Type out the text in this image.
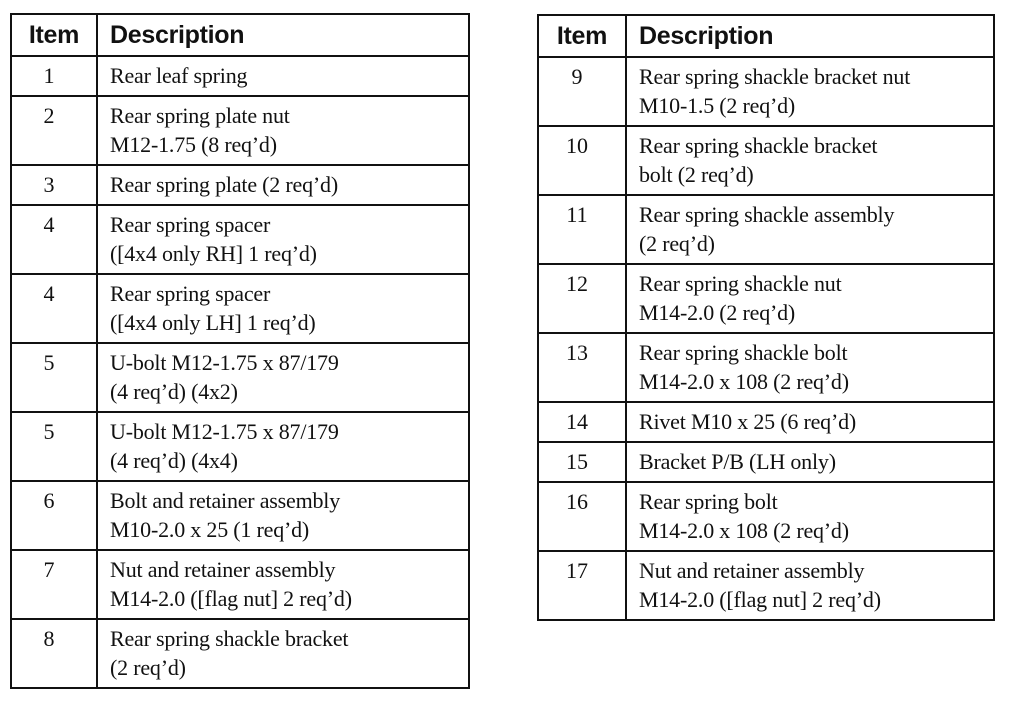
Item	Description
1	Rear leaf spring

2	Rear spring plate nut
M12-1.75 (8 req’d)

3	Rear spring plate (2 req’d)

4	Rear spring spacer
([4x4 only RH] 1 req’d)

4	Rear spring spacer
([4x4 only LH] 1 req’d)

5	U-bolt M12-1.75 x 87/179
(4 req’d) (4x2)

5	U-bolt M12-1.75 x 87/179
(4 req’d) (4x4)

6	Bolt and retainer assembly
M10-2.0 x 25 (1 req’d)

7	Nut and retainer assembly
M14-2.0 ([flag nut] 2 req’d)

8	Rear spring shackle bracket
(2 req’d)
Item	Description
9	Rear spring shackle bracket nut
M10-1.5 (2 req’d)

10	Rear spring shackle bracket
bolt (2 req’d)

11	Rear spring shackle assembly
(2 req’d)

12	Rear spring shackle nut
M14-2.0 (2 req’d)

13	Rear spring shackle bolt
M14-2.0 x 108 (2 req’d)

14	Rivet M10 x 25 (6 req’d)

15	Bracket P/B (LH only)

16	Rear spring bolt
M14-2.0 x 108 (2 req’d)

17	Nut and retainer assembly
M14-2.0 ([flag nut] 2 req’d)
